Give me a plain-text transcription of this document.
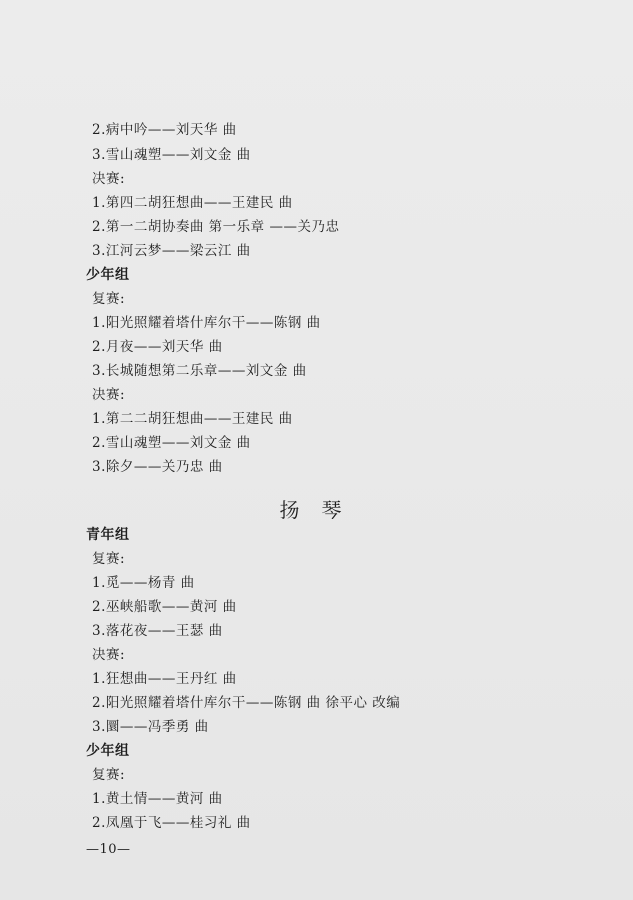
2.病中吟——刘天华 曲
3.雪山魂塑——刘文金 曲
决赛:
1.第四二胡狂想曲——王建民 曲
2.第一二胡协奏曲 第一乐章 ——关乃忠
3.江河云梦——梁云江 曲
少年组
复赛:
1.阳光照耀着塔什库尔干——陈钢 曲
2.月夜——刘天华 曲
3.长城随想第二乐章——刘文金 曲
决赛:
1.第二二胡狂想曲——王建民 曲
2.雪山魂塑——刘文金 曲
3.除夕——关乃忠 曲
扬琴
青年组
复赛:
1.觅——杨青 曲
2.巫峡船歌——黄河 曲
3.落花夜——王瑟 曲
决赛:
1.狂想曲——王丹红 曲
2.阳光照耀着塔什库尔干——陈钢 曲 徐平心 改编
3.圜——冯季勇 曲
少年组
复赛:
1.黄土情——黄河 曲
2.凤凰于飞——桂习礼 曲
—10—
